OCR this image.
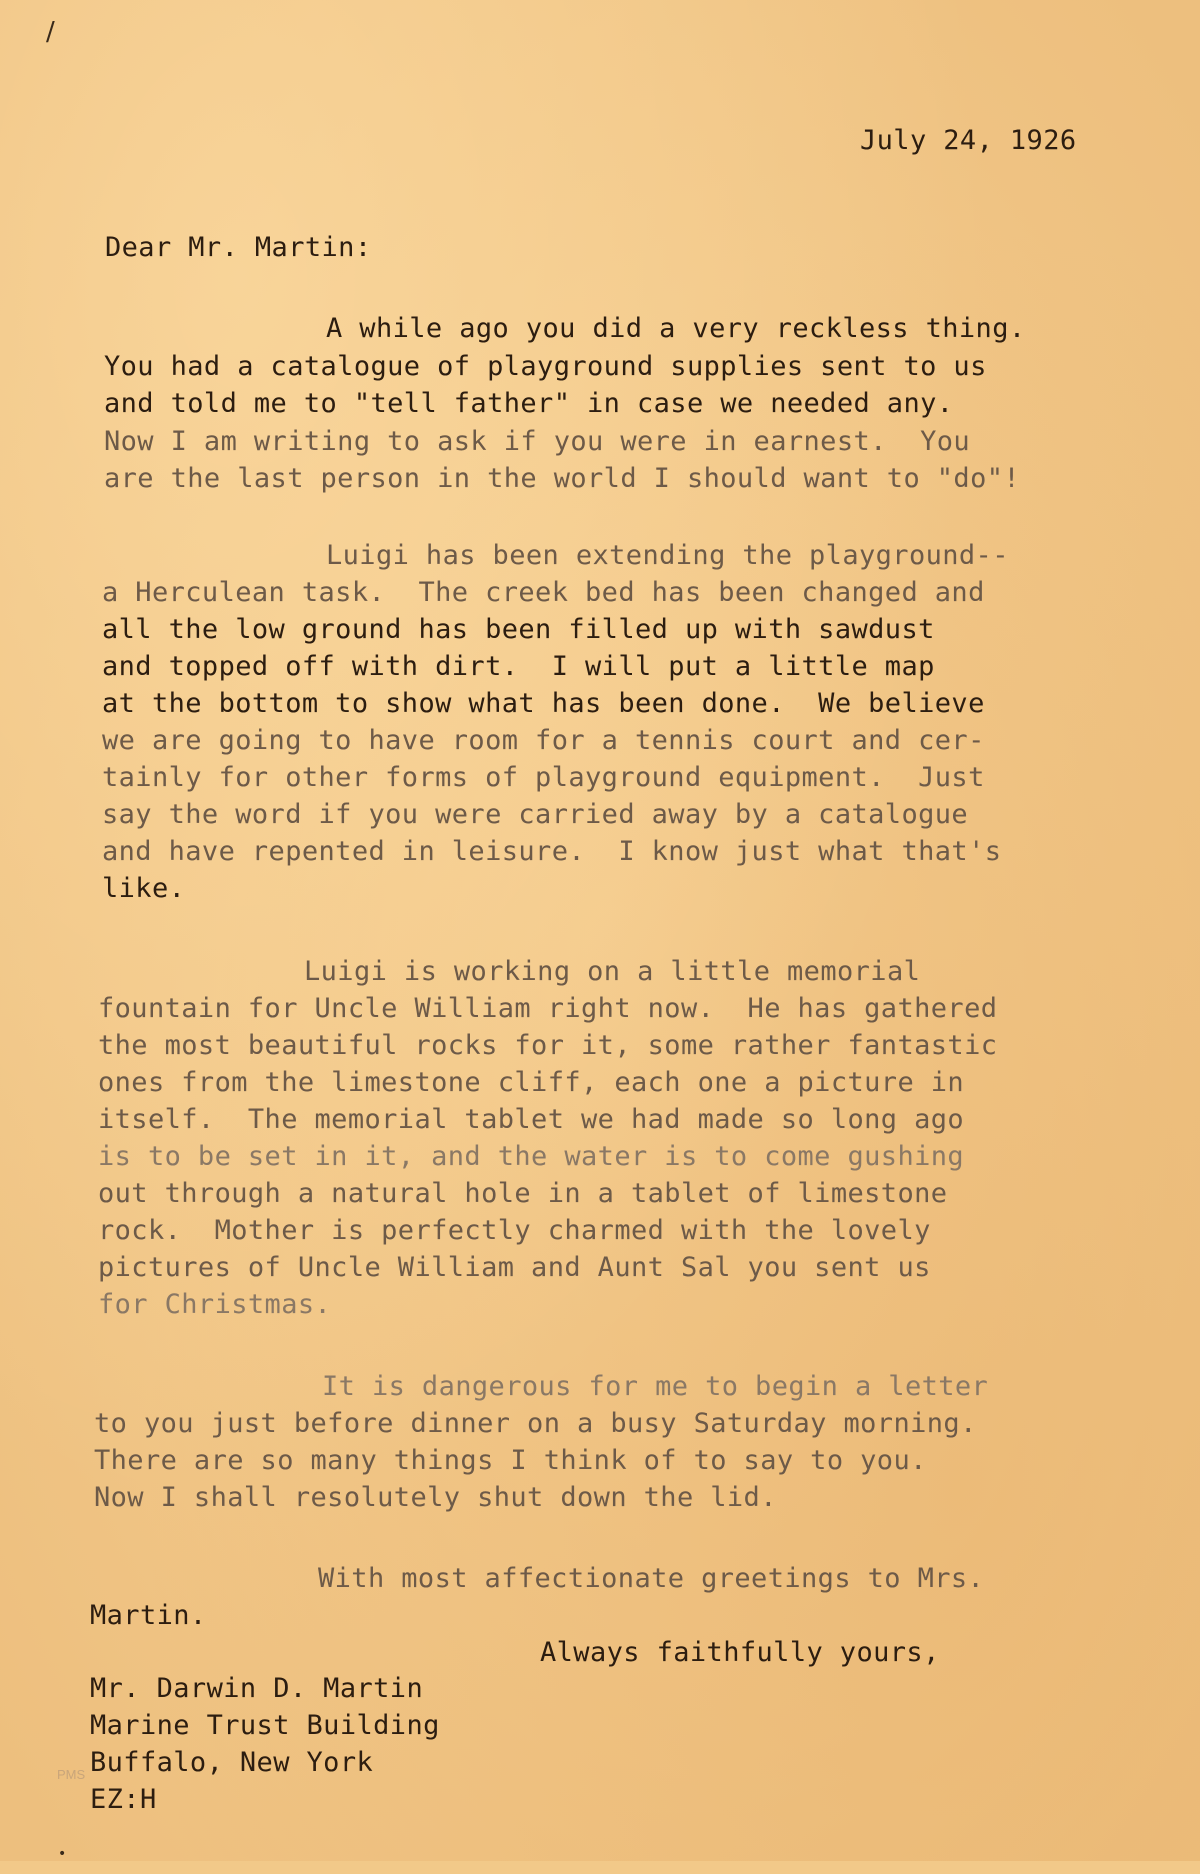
/
July 24, 1926
Dear Mr. Martin:
A while ago you did a very reckless thing.
You had a catalogue of playground supplies sent to us
and told me to "tell father" in case we needed any.
Now I am writing to ask if you were in earnest.  You
are the last person in the world I should want to "do"!
Luigi has been extending the playground--
a Herculean task.  The creek bed has been changed and
all the low ground has been filled up with sawdust
and topped off with dirt.  I will put a little map
at the bottom to show what has been done.  We believe
we are going to have room for a tennis court and cer-
tainly for other forms of playground equipment.  Just
say the word if you were carried away by a catalogue
and have repented in leisure.  I know just what that's
like.
Luigi is working on a little memorial
fountain for Uncle William right now.  He has gathered
the most beautiful rocks for it, some rather fantastic
ones from the limestone cliff, each one a picture in
itself.  The memorial tablet we had made so long ago
is to be set in it, and the water is to come gushing
out through a natural hole in a tablet of limestone
rock.  Mother is perfectly charmed with the lovely
pictures of Uncle William and Aunt Sal you sent us
for Christmas.
It is dangerous for me to begin a letter
to you just before dinner on a busy Saturday morning.
There are so many things I think of to say to you.
Now I shall resolutely shut down the lid.
With most affectionate greetings to Mrs.
Martin.
Always faithfully yours,
Mr. Darwin D. Martin
Marine Trust Building
Buffalo, New York
EZ:H
PMS
•
